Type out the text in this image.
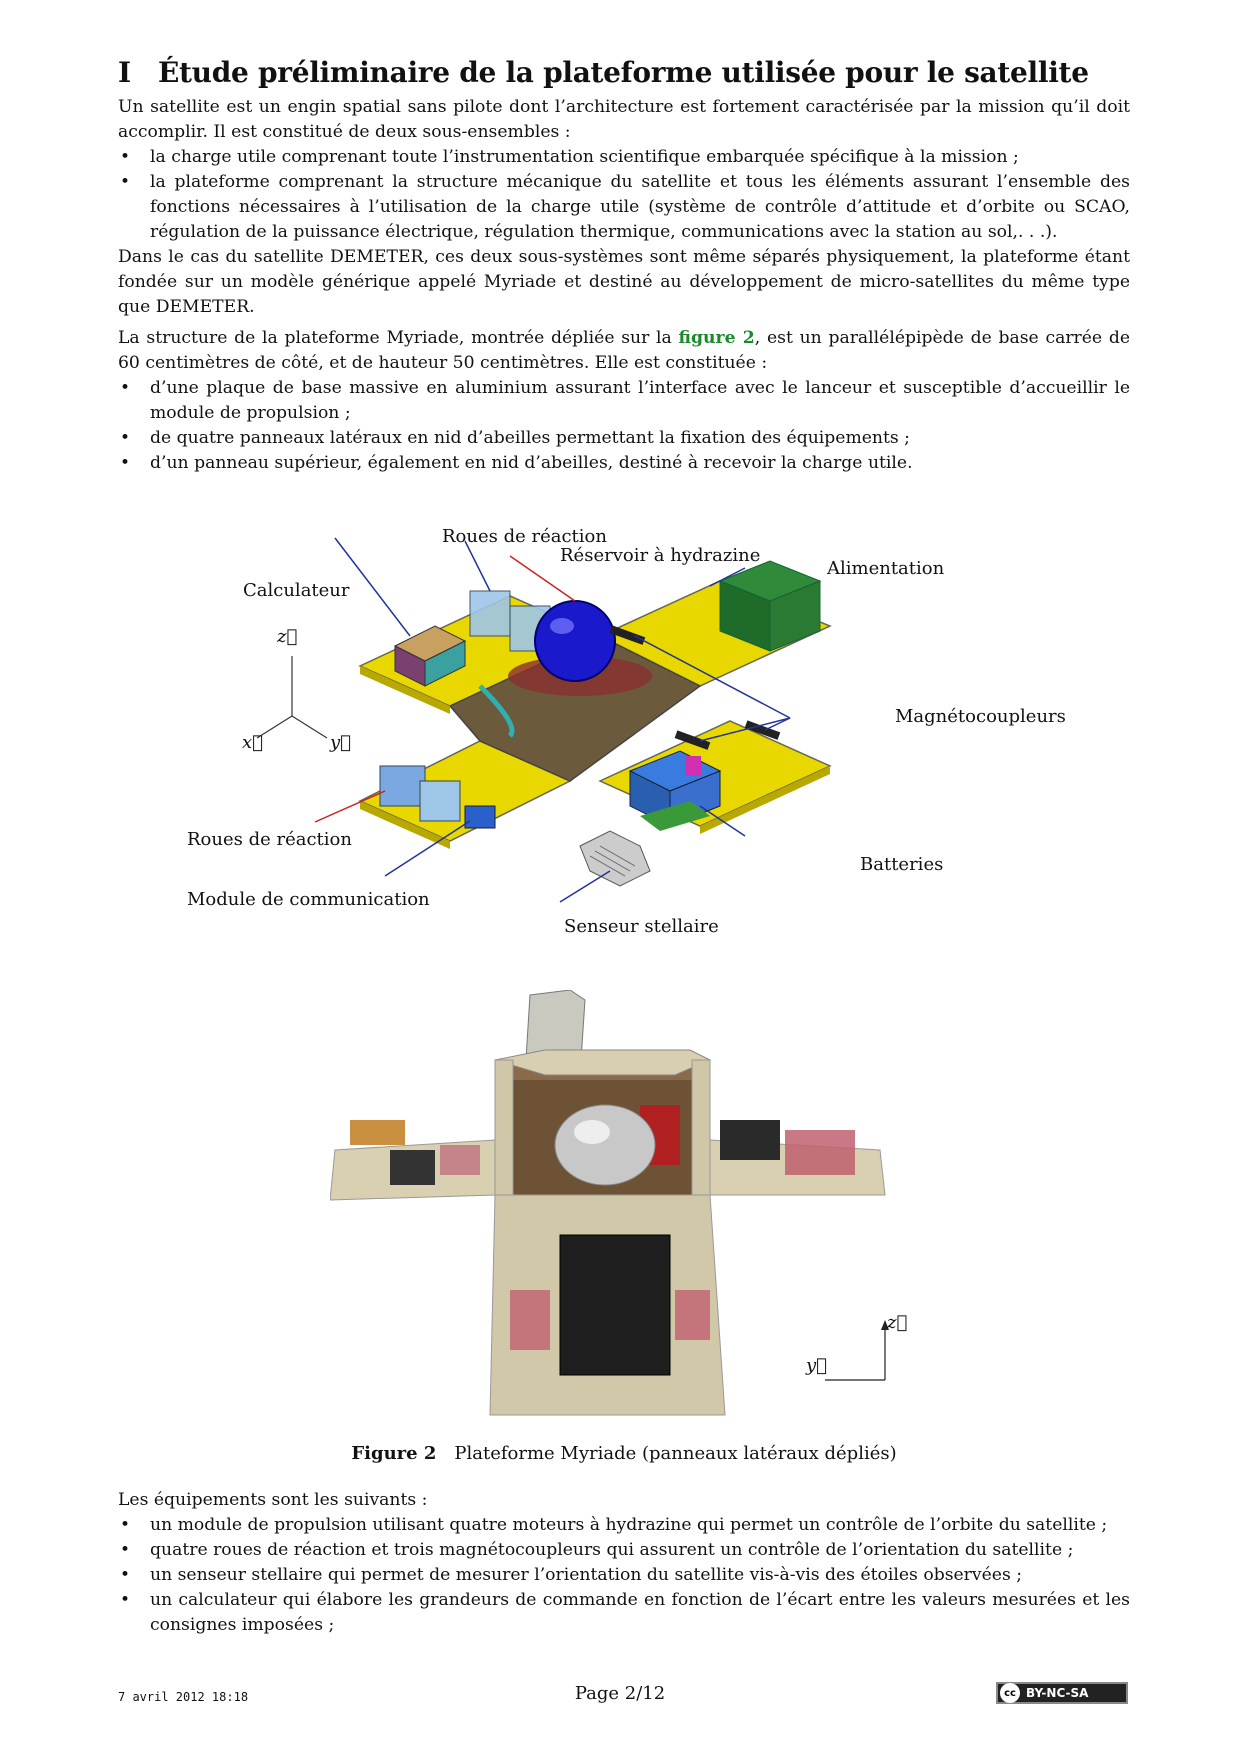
I Étude préliminaire de la plateforme utilisée pour le satellite

Un satellite est un engin spatial sans pilote dont l’architecture est fortement caractérisée par la mission qu’il doit accomplir. Il est constitué de deux sous-ensembles :

• la charge utile comprenant toute l’instrumentation scientifique embarquée spécifique à la mission ;
• la plateforme comprenant la structure mécanique du satellite et tous les éléments assurant l’ensemble des fonctions nécessaires à l’utilisation de la charge utile (système de contrôle d’attitude et d’orbite ou SCAO, régulation de la puissance électrique, régulation thermique, communications avec la station au sol,. . .).

Dans le cas du satellite DEMETER, ces deux sous-systèmes sont même séparés physiquement, la plateforme étant fondée sur un modèle générique appelé Myriade et destiné au développement de micro-satellites du même type que DEMETER.

La structure de la plateforme Myriade, montrée dépliée sur la figure 2, est un parallélépipède de base carrée de 60 centimètres de côté, et de hauteur 50 centimètres. Elle est constituée :

• d’une plaque de base massive en aluminium assurant l’interface avec le lanceur et susceptible d’accueillir le module de propulsion ;
• de quatre panneaux latéraux en nid d’abeilles permettant la fixation des équipements ;
• d’un panneau supérieur, également en nid d’abeilles, destiné à recevoir la charge utile.
Roues de réaction
Réservoir à hydrazine
Calculateur
Alimentation
Magnétocoupleurs
Roues de réaction
Module de communication
Batteries
Senseur stellaire
z⃗
x⃗	y⃗
z⃗
y⃗
Figure 2 Plateforme Myriade (panneaux latéraux dépliés)

Les équipements sont les suivants :

• un module de propulsion utilisant quatre moteurs à hydrazine qui permet un contrôle de l’orbite du satellite ;
• quatre roues de réaction et trois magnétocoupleurs qui assurent un contrôle de l’orientation du satellite ;
• un senseur stellaire qui permet de mesurer l’orientation du satellite vis-à-vis des étoiles observées ;
• un calculateur qui élabore les grandeurs de commande en fonction de l’écart entre les valeurs mesurées et les consignes imposées ;
7 avril 2012 18:18	Page 2/12	cc BY-NC-SA
